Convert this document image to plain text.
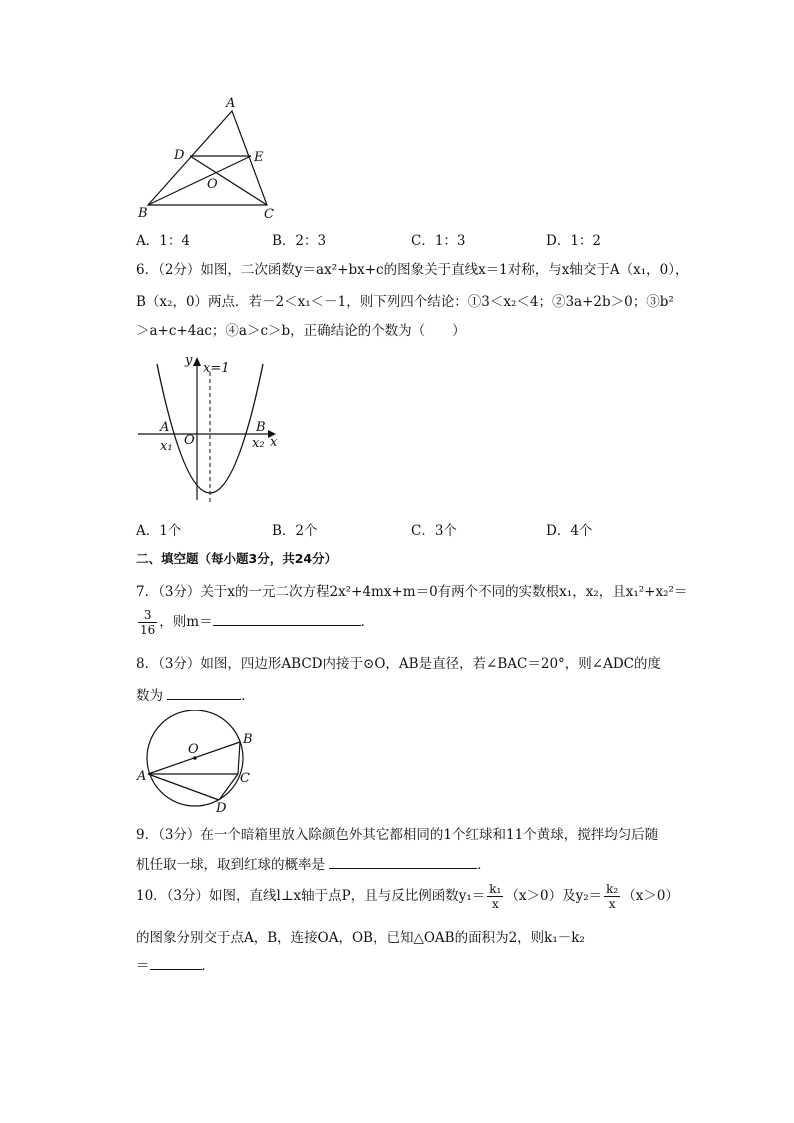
A
D	E
O
B	C
A．1：4	B．2：3	C．1：3	D．1：2
6．（2分）如图，二次函数y＝ax²+bx+c的图象关于直线x＝1对称，与x轴交于A（x₁，0），
B（x₂，0）两点．若－2＜x₁＜－1，则下列四个结论：①3＜x₂＜4；②3a+2b＞0；③b²
＞a+c+4ac；④a＞c＞b，正确结论的个数为（　　）
y
x=1
A	B
O
x₁	x₂ x
A．1个	B．2个	C．3个	D．4个
二、填空题（每小题3分，共24分）
7．（3分）关于x的一元二次方程2x²+4mx+m＝0有两个不同的实数根x₁，x₂，且x₁²+x₂²＝
$\frac{3}{16}$ ，则m＝	．
8．（3分）如图，四边形ABCD内接于⊙O，AB是直径，若∠BAC＝20°，则∠ADC的度
数为	．
O
B
A	C
D
9．（3分）在一个暗箱里放入除颜色外其它都相同的1个红球和11个黄球，搅拌均匀后随
机任取一球，取到红球的概率是	．
10．（3分）如图，直线l⊥x轴于点P，且与反比例函数$y_1= \frac{\text{k₁}}{x} (x>0)$及$y_2= \frac{\text{k₂}}{x} (x>0)$
的图象分别交于点A，B，连接OA，OB，已知△OAB的面积为2，则k₁－k₂
＝	．
